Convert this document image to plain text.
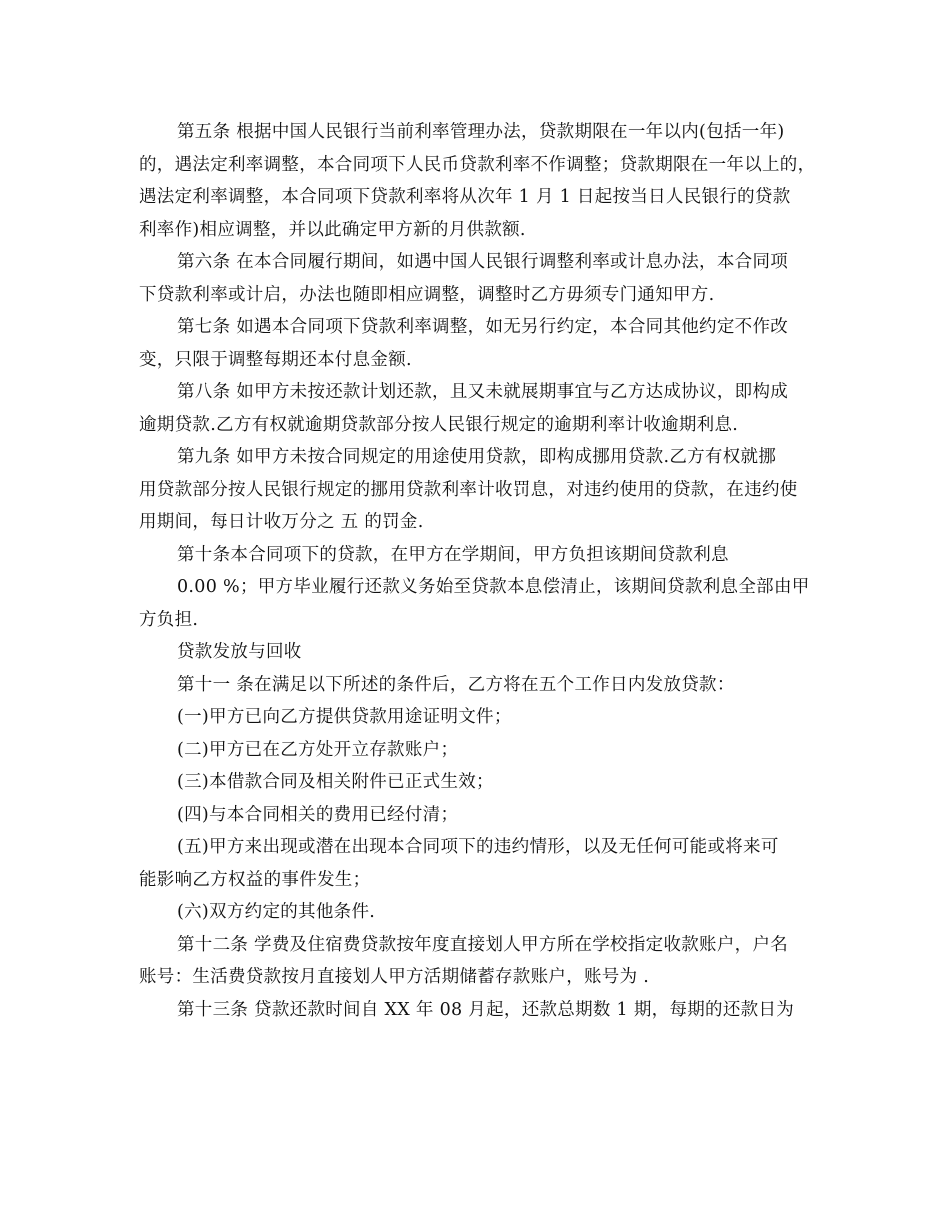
第五条 根据中国人民银行当前利率管理办法，贷款期限在一年以内(包括一年)
的，遇法定利率调整，本合同项下人民币贷款利率不作调整；贷款期限在一年以上的，
遇法定利率调整，本合同项下贷款利率将从次年 1 月 1 日起按当日人民银行的贷款
利率作)相应调整，并以此确定甲方新的月供款额.
第六条 在本合同履行期间，如遇中国人民银行调整利率或计息办法，本合同项
下贷款利率或计启，办法也随即相应调整，调整时乙方毋须专门通知甲方.
第七条 如遇本合同项下贷款利率调整，如无另行约定，本合同其他约定不作改
变，只限于调整每期还本付息金额.
第八条 如甲方未按还款计划还款，且又未就展期事宜与乙方达成协议，即构成
逾期贷款.乙方有权就逾期贷款部分按人民银行规定的逾期利率计收逾期利息.
第九条 如甲方未按合同规定的用途使用贷款，即构成挪用贷款.乙方有权就挪
用贷款部分按人民银行规定的挪用贷款利率计收罚息，对违约使用的贷款，在违约使
用期间，每日计收万分之 五 的罚金.
第十条本合同项下的贷款，在甲方在学期间，甲方负担该期间贷款利息
0.00 %；甲方毕业履行还款义务始至贷款本息偿清止，该期间贷款利息全部由甲
方负担.
贷款发放与回收
第十一 条在满足以下所述的条件后，乙方将在五个工作日内发放贷款：
(一)甲方已向乙方提供贷款用途证明文件；
(二)甲方已在乙方处开立存款账户；
(三)本借款合同及相关附件已正式生效；
(四)与本合同相关的费用已经付清；
(五)甲方来出现或潜在出现本合同项下的违约情形，以及无任何可能或将来可
能影响乙方权益的事件发生；
(六)双方约定的其他条件.
第十二条 学费及住宿费贷款按年度直接划人甲方所在学校指定收款账户，户名
账号：生活费贷款按月直接划人甲方活期储蓄存款账户，账号为 .
第十三条 贷款还款时间自 XX 年 08 月起，还款总期数 1 期，每期的还款日为
